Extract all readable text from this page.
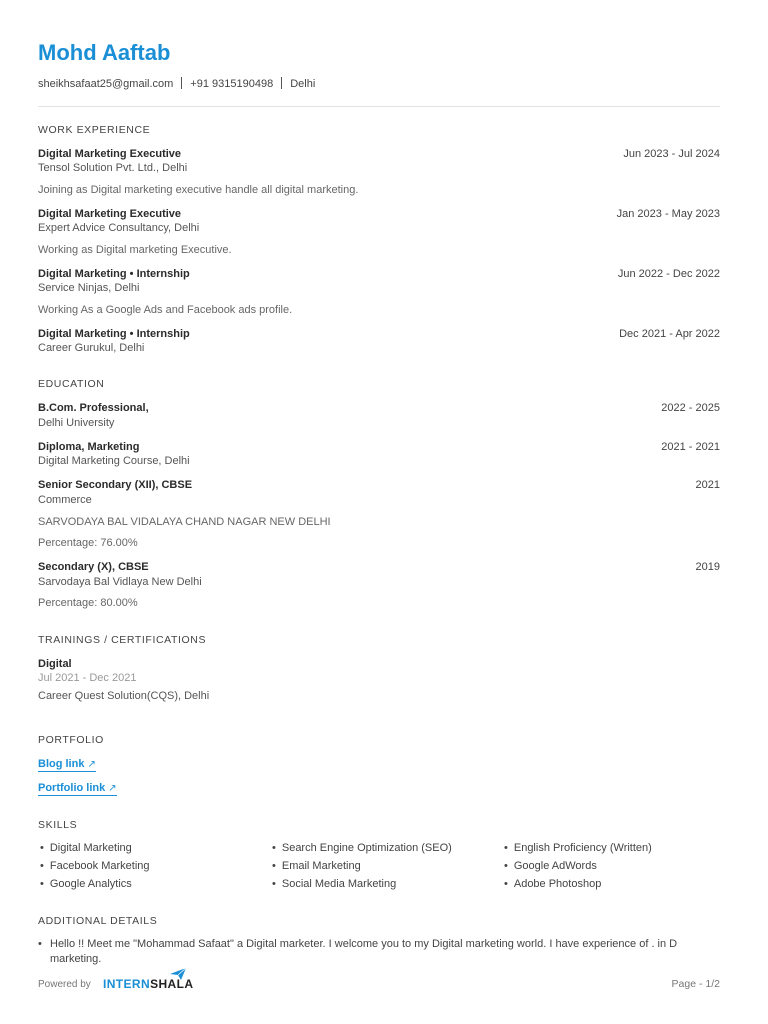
Mohd Aaftab
sheikhsafaat25@gmail.com +91 9315190498 Delhi
WORK EXPERIENCE
Digital Marketing Executive	Jun 2023 - Jul 2024
Tensol Solution Pvt. Ltd., Delhi
Joining as Digital marketing executive handle all digital marketing.
Digital Marketing Executive	Jan 2023 - May 2023
Expert Advice Consultancy, Delhi
Working as Digital marketing Executive.
Digital Marketing • Internship	Jun 2022 - Dec 2022
Service Ninjas, Delhi
Working As a Google Ads and Facebook ads profile.
Digital Marketing • Internship	Dec 2021 - Apr 2022
Career Gurukul, Delhi
EDUCATION
B.Com. Professional,	2022 - 2025
Delhi University
Diploma, Marketing	2021 - 2021
Digital Marketing Course, Delhi
Senior Secondary (XII), CBSE	2021
Commerce
SARVODAYA BAL VIDALAYA CHAND NAGAR NEW DELHI
Percentage: 76.00%
Secondary (X), CBSE	2019
Sarvodaya Bal Vidlaya New Delhi
Percentage: 80.00%
TRAININGS / CERTIFICATIONS
Digital
Jul 2021 - Dec 2021
Career Quest Solution(CQS), Delhi
PORTFOLIO
Blog link ↗
Portfolio link ↗
SKILLS
• Digital Marketing
• Facebook Marketing
• Google Analytics
• Search Engine Optimization (SEO)
• Email Marketing
• Social Media Marketing
• English Proficiency (Written)
• Google AdWords
• Adobe Photoshop
ADDITIONAL DETAILS
• Hello !! Meet me "Mohammad Safaat" a Digital marketer. I welcome you to my Digital marketing world. I have experience of . in D marketing.
Powered by INTERNSHALA	Page - 1/2
